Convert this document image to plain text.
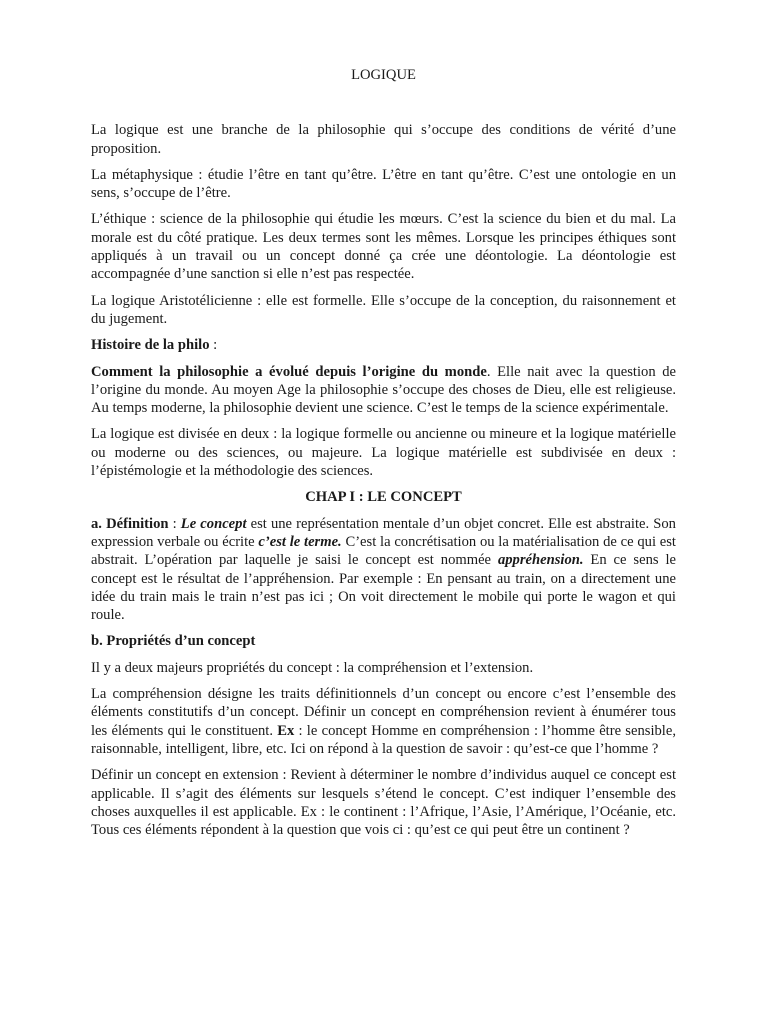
LOGIQUE

La logique est une branche de la philosophie qui s’occupe des conditions de vérité d’une proposition.

La métaphysique : étudie l’être en tant qu’être. L’être en tant qu’être. C’est une ontologie en un sens, s’occupe de l’être.

L’éthique : science de la philosophie qui étudie les mœurs. C’est la science du bien et du mal. La morale est du côté pratique. Les deux termes sont les mêmes. Lorsque les principes éthiques sont appliqués à un travail ou un concept donné ça crée une déontologie. La déontologie est accompagnée d’une sanction si elle n’est pas respectée.

La logique Aristotélicienne : elle est formelle. Elle s’occupe de la conception, du raisonnement et du jugement.

Histoire de la philo :

Comment la philosophie a évolué depuis l’origine du monde. Elle nait avec la question de l’origine du monde. Au moyen Age la philosophie s’occupe des choses de Dieu, elle est religieuse. Au temps moderne, la philosophie devient une science. C’est le temps de la science expérimentale.

La logique est divisée en deux : la logique formelle ou ancienne ou mineure et la logique matérielle ou moderne ou des sciences, ou majeure. La logique matérielle est subdivisée en deux : l’épistémologie et la méthodologie des sciences.

CHAP I : LE CONCEPT

a. Définition : Le concept est une représentation mentale d’un objet concret. Elle est abstraite. Son expression verbale ou écrite c’est le terme. C’est la concrétisation ou la matérialisation de ce qui est abstrait. L’opération par laquelle je saisi le concept est nommée appréhension. En ce sens le concept est le résultat de l’appréhension. Par exemple : En pensant au train, on a directement une idée du train mais le train n’est pas ici ; On voit directement le mobile qui porte le wagon et qui roule.

b. Propriétés d’un concept

Il y a deux majeurs propriétés du concept : la compréhension et l’extension.

La compréhension désigne les traits définitionnels d’un concept ou encore c’est l’ensemble des éléments constitutifs d’un concept. Définir un concept en compréhension revient à énumérer tous les éléments qui le constituent. Ex : le concept Homme en compréhension : l’homme être sensible, raisonnable, intelligent, libre, etc. Ici on répond à la question de savoir : qu’est-ce que l’homme ?

Définir un concept en extension : Revient à déterminer le nombre d’individus auquel ce concept est applicable. Il s’agit des éléments sur lesquels s’étend le concept. C’est indiquer l’ensemble des choses auxquelles il est applicable. Ex : le continent : l’Afrique, l’Asie, l’Amérique, l’Océanie, etc. Tous ces éléments répondent à la question que vois ci : qu’est ce qui peut être un continent ?
